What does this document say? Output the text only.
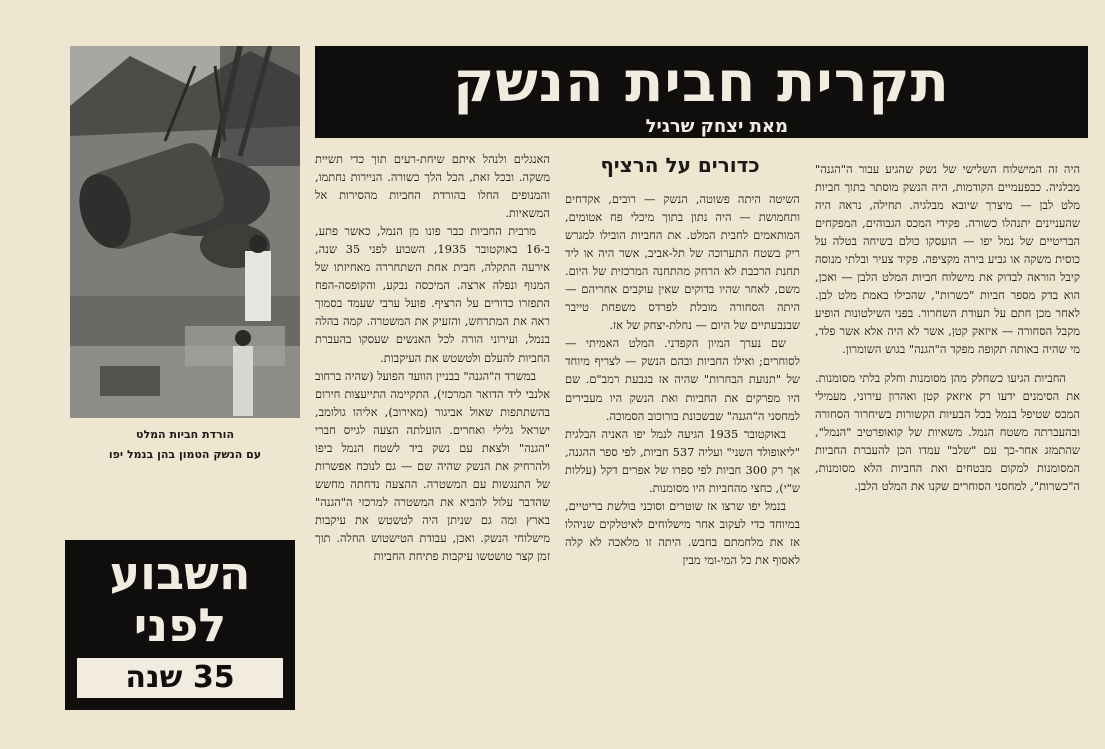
הורדת חביות המלט
עם הנשק הטמון בהן בנמל יפו
תקרית חבית הנשק
מאת יצחק שרגיל

היה זה המישלוח השלישי של נשק שהגיע עבור ה"הגנה" מבלגיה. כבפעמיים הקודמות, היה הנשק מוסתר בתוך חביות מלט לבן — מיצרך שיובא מבלגיה. תחילה, נראה היה שהעניינים יתנהלו כשורה. פקידי המכס הגבוהים, המפקחים הבריטיים של נמל יפו — הועסקו כולם בשיחה בטלה על כוסית משקה או גביע בירה מקציפה. פקיד צעיר ובלתי מנוסה קיבל הוראה לבדוק את מישלוח חביות המלט הלבן — ואכן, הוא בדק מספר חביות "כשרות", שהכילו באמת מלט לבן. לאחר מכן חתם על תעודת השחרור. בפני השילטונות הופיע מקבל הסחורה — איזאק קטן, אשר לא היה אלא אשר פלד, מי שהיה באותה תקופה מפקד ה"הגנה" בגוש השומרון.

החביות הגיעו כשחלק מהן מסומנות וחלק בלתי מסומנות. את הסימנים ידעו רק איזאק קטן ואהרון עירוני, מעמילי המכס שטיפל בנמל בכל הבעיות הקשורות בשיחרור הסחורה ובהעברתה משטח הנמל. משאיות של קואופרטיב "הנמל", שהתמזג אחר-כך עם "שלב" עמדו הכן להעברת החביות המסומנות למקום מבטחים ואת החביות הלא מסומנות, ה"כשרות", למחסני הסוחרים שקנו את המלט הלבן.

כדורים על הרציף

השיטה היתה פשוטה, הנשק — רובים, אקדחים ותחמושת — היה נתון בתוך מיכלי פח אטומים, המותאמים לחבית המלט. את החביות הובילו למגרש ריק בשטח התערוכה של תל-אביב, אשר היה או ליד תחנת הרכבת לא הרחק מהתחנה המרכזית של היום. משם, לאחר שהיו בדוקים שאין עוקבים אחריהם — היתה הסחורה מובלת לפרדס משפחת טייבר שבנבעתיים של היום — נחלת-יצחק של אז.

שם נערך המיון הקפדני. המלט האמיתי — לסוחרים; ואילו החביות ובהם הנשק — לצריף מיוחד של "תנועת הבחרות" שהיה אז בגבעת רמב"ם. שם היו מפרקים את החביות ואת הנשק היו מעבירים למחסני ה"הגנה" שבשכונת בורוכוב הסמוכה.

באוקטובר 1935 הגיעה לנמל יפו האניה הבלגית "ליאופולד השני" ועליה 537 חביות, לפי ספר ההגנה, אך רק 300 חביות לפי ספרו של אפרים דקל (עללות ש"י), כחצי מהחביות היו מסומנות.

בנמל יפו שרצו אז שוטרים וסוכני בולשת בריטיים, במיוחד כדי לעקוב אחר מישלוחים לאיטלקים שניהלו אז את מלחמתם בחבש. היתה זו מלאכה לא קלה לאסוף את כל המי-ומי מבין

האנגלים ולנהל איתם שיחת-רעים תוך כדי תשיית משקה. ובכל זאת, הכל הלך כשורה. הניירות נחתמו, והמנופים החלו בהורדת החביות מהסירות אל המשאיות.

מרבית החביות כבר פונו מן הנמל, כאשר פתע, ב-16 באוקטובר 1935, השבוע לפני 35 שנה, אירעה התקלה, חבית אחת השתחררה מאחיזתו של המנוף ונפלה ארצה. המיכסה נבקע, והקופסה-הפח התפזרו כדורים על הרציף. פועל ערבי שעמד בסמוך ראה את המתרחש, והזעיק את המשטרה. קמה בהלה בנמל, ועירוני הורה לכל האנשים שעסקו בהעברת החביות להעלם ולטשטש את העיקבות.

במשרד ה"הגנה" בבניין הוועד הפועל (שהיה ברחוב אלנבי ליד הדואר המרכזי), התקיימה התייעצות חירום בהשתתפות שאול אביגור (מאירוב), אליהו גולומב, ישראל גלילי ואחרים. הועלתה הצעה לגייס חברי "הגנה" ולצאת עם נשק ביד לשטח הנמל ביפו ולהרחיק את הנשק שהיה שם — גם לנוכח אפשרות של התנגשות עם המשטרה. ההצעה נדחתה מחשש שהדבר עלול להביא את המשטרה למרכזי ה"הגנה" בארץ ומה גם שניתן היה לטשטש את עיקבות מישלוחי הנשק. ואכן, עבודת הטישטוש החלה. תוך זמן קצר טושטשו עיקבות פתיחת החביות

השבוע
לפני
35 שנה
